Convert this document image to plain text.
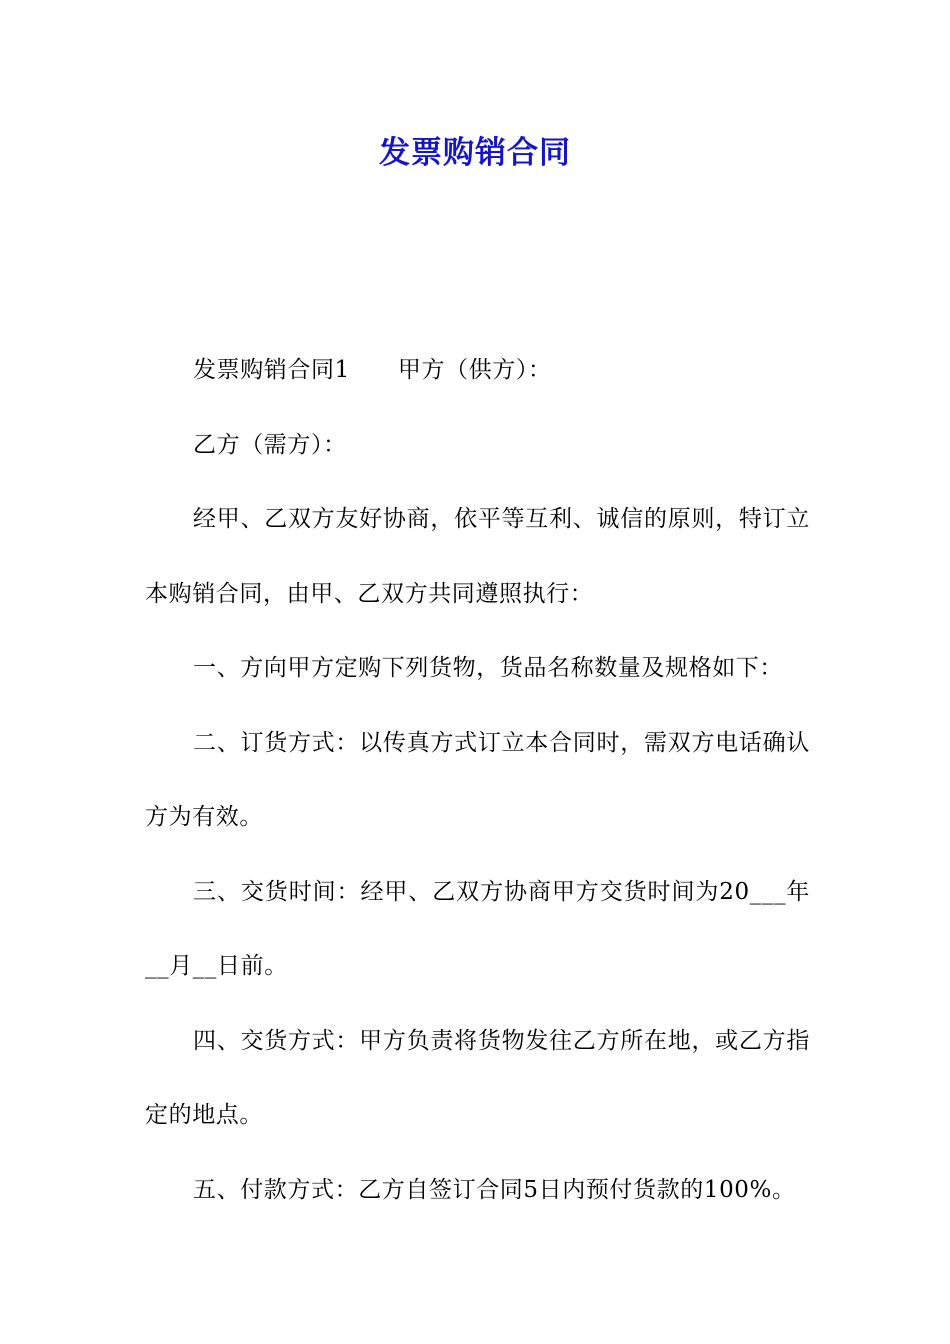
发票购销合同

发票购销合同1 甲方（供方）：

乙方（需方）：

经甲、乙双方友好协商，依平等互利、诚信的原则，特订立本购销合同，由甲、乙双方共同遵照执行：

一、方向甲方定购下列货物，货品名称数量及规格如下：

二、订货方式：以传真方式订立本合同时，需双方电话确认方为有效。

三、交货时间：经甲、乙双方协商甲方交货时间为20___年__月__日前。

四、交货方式：甲方负责将货物发往乙方所在地，或乙方指定的地点。

五、付款方式：乙方自签订合同5日内预付货款的100%。
